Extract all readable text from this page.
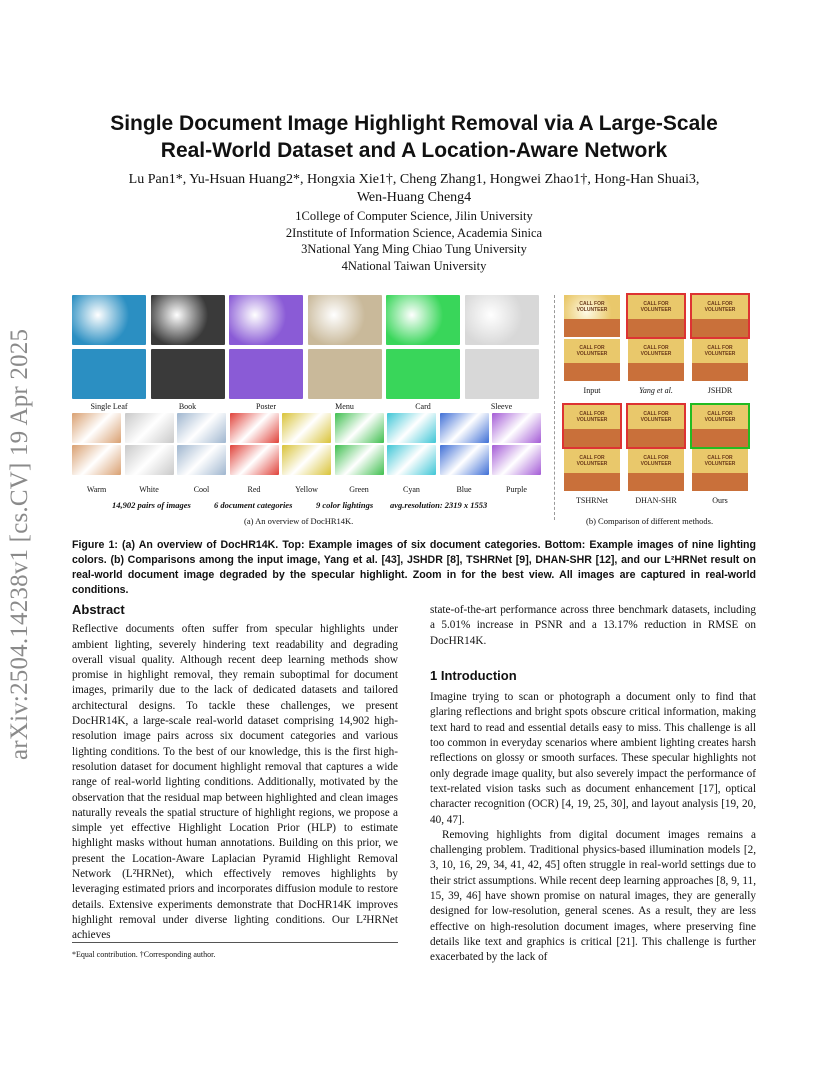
arXiv:2504.14238v1 [cs.CV] 19 Apr 2025
Single Document Image Highlight Removal via A Large-Scale
Real-World Dataset and A Location-Aware Network
Lu Pan1*, Yu-Hsuan Huang2*, Hongxia Xie1†, Cheng Zhang1, Hongwei Zhao1†, Hong-Han Shuai3,
Wen-Huang Cheng4
1College of Computer Science, Jilin University
2Institute of Information Science, Academia Sinica
3National Yang Ming Chiao Tung University
4National Taiwan University
Single Leaf	Book	Poster	Menu	Card	Sleeve
Warm	White	Cool	Red	Yellow	Green	Cyan	Blue	Purple
14,902 pairs of images	6 document categories	9 color lightings avg.resolution: 2319 x 1553
(a) An overview of DocHR14K.
CALL FOR VOLUNTEER
CALL FOR VOLUNTEER
Input
CALL FOR VOLUNTEER
CALL FOR VOLUNTEER
Yang et al.
CALL FOR VOLUNTEER
CALL FOR VOLUNTEER
JSHDR
CALL FOR VOLUNTEER
CALL FOR VOLUNTEER
TSHRNet
CALL FOR VOLUNTEER
CALL FOR VOLUNTEER
DHAN-SHR
CALL FOR VOLUNTEER
CALL FOR VOLUNTEER
Ours
(b) Comparison of different methods.
Figure 1: (a) An overview of DocHR14K. Top: Example images of six document categories. Bottom: Example images of nine lighting colors. (b) Comparisons among the input image, Yang et al. [43], JSHDR [8], TSHRNet [9], DHAN-SHR [12], and our L²HRNet result on real-world document image degraded by the specular highlight. Zoom in for the best view. All images are captured in real-world conditions.
Abstract

Reflective documents often suffer from specular highlights under ambient lighting, severely hindering text readability and degrading overall visual quality. Although recent deep learning methods show promise in highlight removal, they remain suboptimal for document images, primarily due to the lack of dedicated datasets and tailored architectural designs. To tackle these challenges, we present DocHR14K, a large-scale real-world dataset comprising 14,902 high-resolution image pairs across six document categories and various lighting conditions. To the best of our knowledge, this is the first high-resolution dataset for document highlight removal that captures a wide range of real-world lighting conditions. Additionally, motivated by the observation that the residual map between highlighted and clean images naturally reveals the spatial structure of highlight regions, we propose a simple yet effective Highlight Location Prior (HLP) to estimate highlight masks without human annotations. Building on this prior, we present the Location-Aware Laplacian Pyramid Highlight Removal Network (L²HRNet), which effectively removes highlights by leveraging estimated priors and incorporates diffusion module to restore details. Extensive experiments demonstrate that DocHR14K improves highlight removal under diverse lighting conditions. Our L²HRNet achieves

*Equal contribution. †Corresponding author.

state-of-the-art performance across three benchmark datasets, including a 5.01% increase in PSNR and a 13.17% reduction in RMSE on DocHR14K.

1 Introduction

Imagine trying to scan or photograph a document only to find that glaring reflections and bright spots obscure critical information, making text hard to read and essential details easy to miss. This challenge is all too common in everyday scenarios where ambient lighting creates harsh reflections on glossy or smooth surfaces. These specular highlights not only degrade image quality, but also severely impact the performance of text-related vision tasks such as document enhancement [17], optical character recognition (OCR) [4, 19, 25, 30], and layout analysis [19, 20, 40, 47].

Removing highlights from digital document images remains a challenging problem. Traditional physics-based illumination models [2, 3, 10, 16, 29, 34, 41, 42, 45] often struggle in real-world settings due to their strict assumptions. While recent deep learning approaches [8, 9, 11, 15, 39, 46] have shown promise on natural images, they are generally designed for low-resolution, general scenes. As a result, they are less effective on high-resolution document images, where preserving fine details like text and graphics is critical [21]. This challenge is further exacerbated by the lack of
